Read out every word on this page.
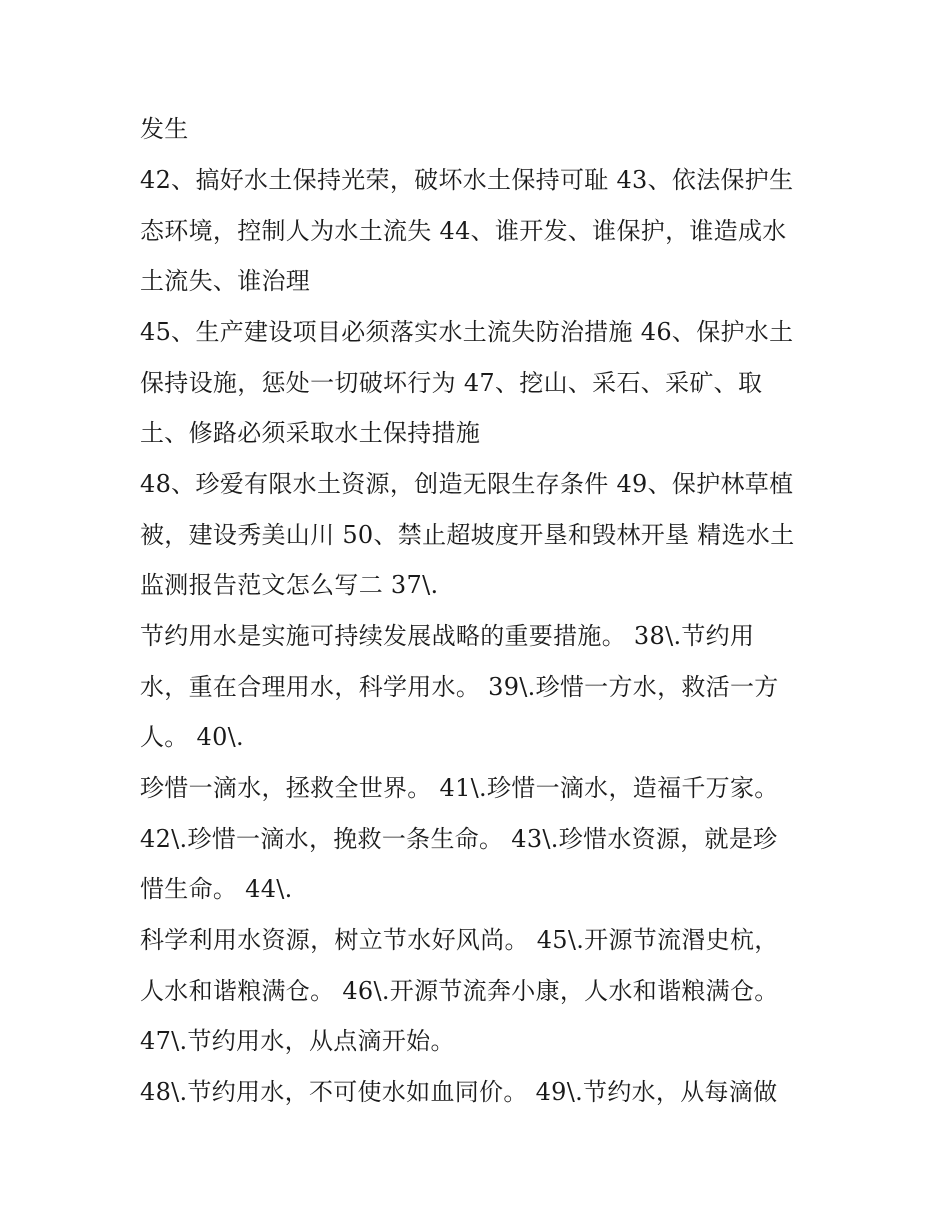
发生
42、搞好水土保持光荣，破坏水土保持可耻 43、依法保护生
态环境，控制人为水土流失 44、谁开发、谁保护，谁造成水
土流失、谁治理
45、生产建设项目必须落实水土流失防治措施 46、保护水土
保持设施，惩处一切破坏行为 47、挖山、采石、采矿、取
土、修路必须采取水土保持措施
48、珍爱有限水土资源，创造无限生存条件 49、保护林草植
被，建设秀美山川 50、禁止超坡度开垦和毁林开垦 精选水土
监测报告范文怎么写二 37\.
节约用水是实施可持续发展战略的重要措施。 38\.节约用
水，重在合理用水，科学用水。 39\.珍惜一方水，救活一方
人。 40\.
珍惜一滴水，拯救全世界。 41\.珍惜一滴水，造福千万家。
42\.珍惜一滴水，挽救一条生命。 43\.珍惜水资源，就是珍
惜生命。 44\.
科学利用水资源，树立节水好风尚。 45\.开源节流湣史杭，
人水和谐粮满仓。 46\.开源节流奔小康，人水和谐粮满仓。
47\.节约用水，从点滴开始。
48\.节约用水，不可使水如血同价。 49\.节约水，从每滴做
